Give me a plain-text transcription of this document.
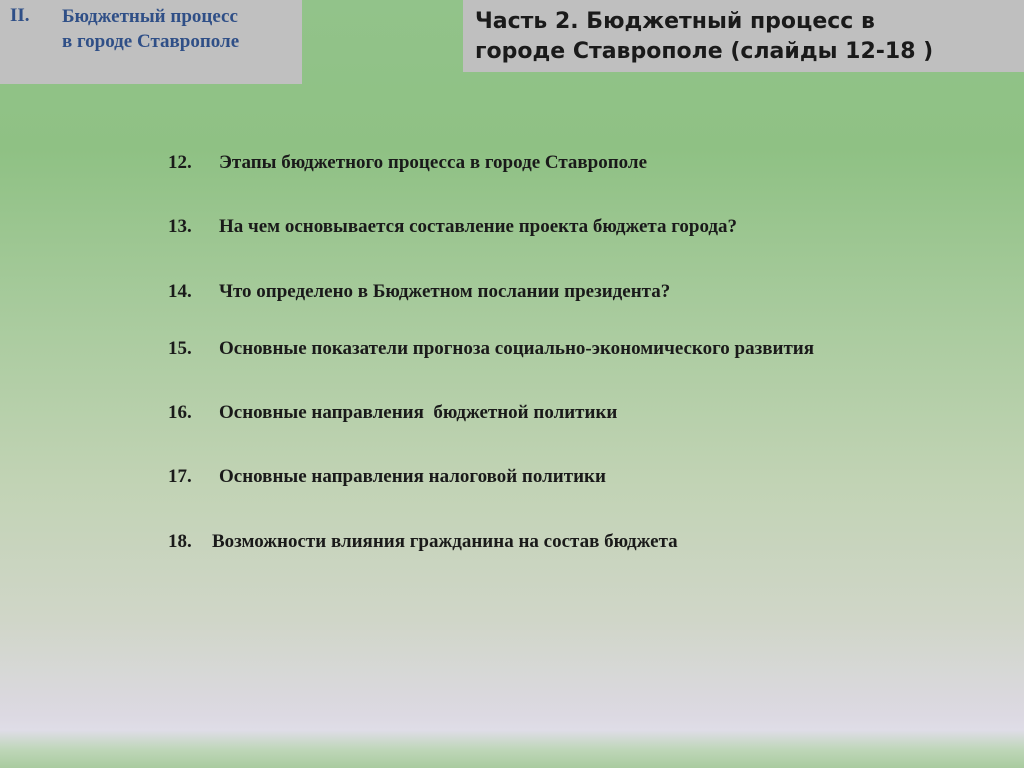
II. Бюджетный процесс
в городе Ставрополе
Часть 2. Бюджетный процесс в
городе Ставрополе (слайды 12-18 )
12. Этапы бюджетного процесса в городе Ставрополе
13. На чем основывается составление проекта бюджета города?
14. Что определено в Бюджетном послании президента?
15. Основные показатели прогноза социально-экономического развития
16. Основные направления  бюджетной политики
17. Основные направления налоговой политики
18. Возможности влияния гражданина на состав бюджета
